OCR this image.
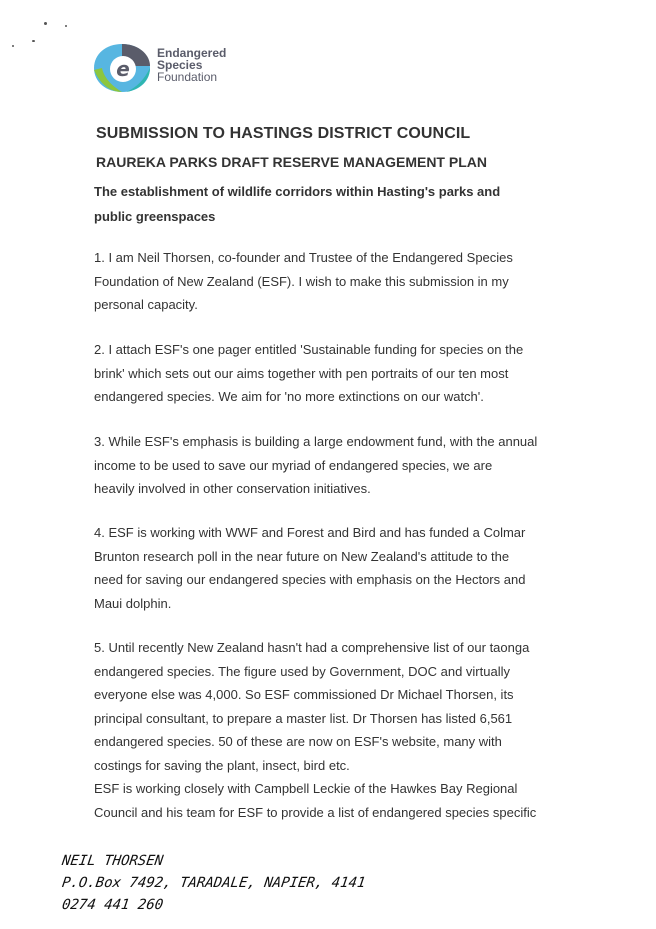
e
Endangered
Species
Foundation
SUBMISSION TO HASTINGS DISTRICT COUNCIL
RAUREKA PARKS DRAFT RESERVE MANAGEMENT PLAN

The establishment of wildlife corridors within Hasting's parks and public greenspaces

1. I am Neil Thorsen, co-founder and Trustee of the Endangered Species
Foundation of New Zealand (ESF). I wish to make this submission in my
personal capacity.
2. I attach ESF's one pager entitled 'Sustainable funding for species on the
brink' which sets out our aims together with pen portraits of our ten most
endangered species. We aim for 'no more extinctions on our watch'.
3. While ESF's emphasis is building a large endowment fund, with the annual
income to be used to save our myriad of endangered species, we are
heavily involved in other conservation initiatives.
4. ESF is working with WWF and Forest and Bird and has funded a Colmar
Brunton research poll in the near future on New Zealand's attitude to the
need for saving our endangered species with emphasis on the Hectors and
Maui dolphin.
5. Until recently New Zealand hasn't had a comprehensive list of our taonga
endangered species. The figure used by Government, DOC and virtually
everyone else was 4,000. So ESF commissioned Dr Michael Thorsen, its
principal consultant, to prepare a master list. Dr Thorsen has listed 6,561
endangered species. 50 of these are now on ESF's website, many with
costings for saving the plant, insect, bird etc.
ESF is working closely with Campbell Leckie of the Hawkes Bay Regional
Council and his team for ESF to provide a list of endangered species specific
NEIL THORSEN
P.O.Box 7492, TARADALE, NAPIER, 4141
0274 441 260
